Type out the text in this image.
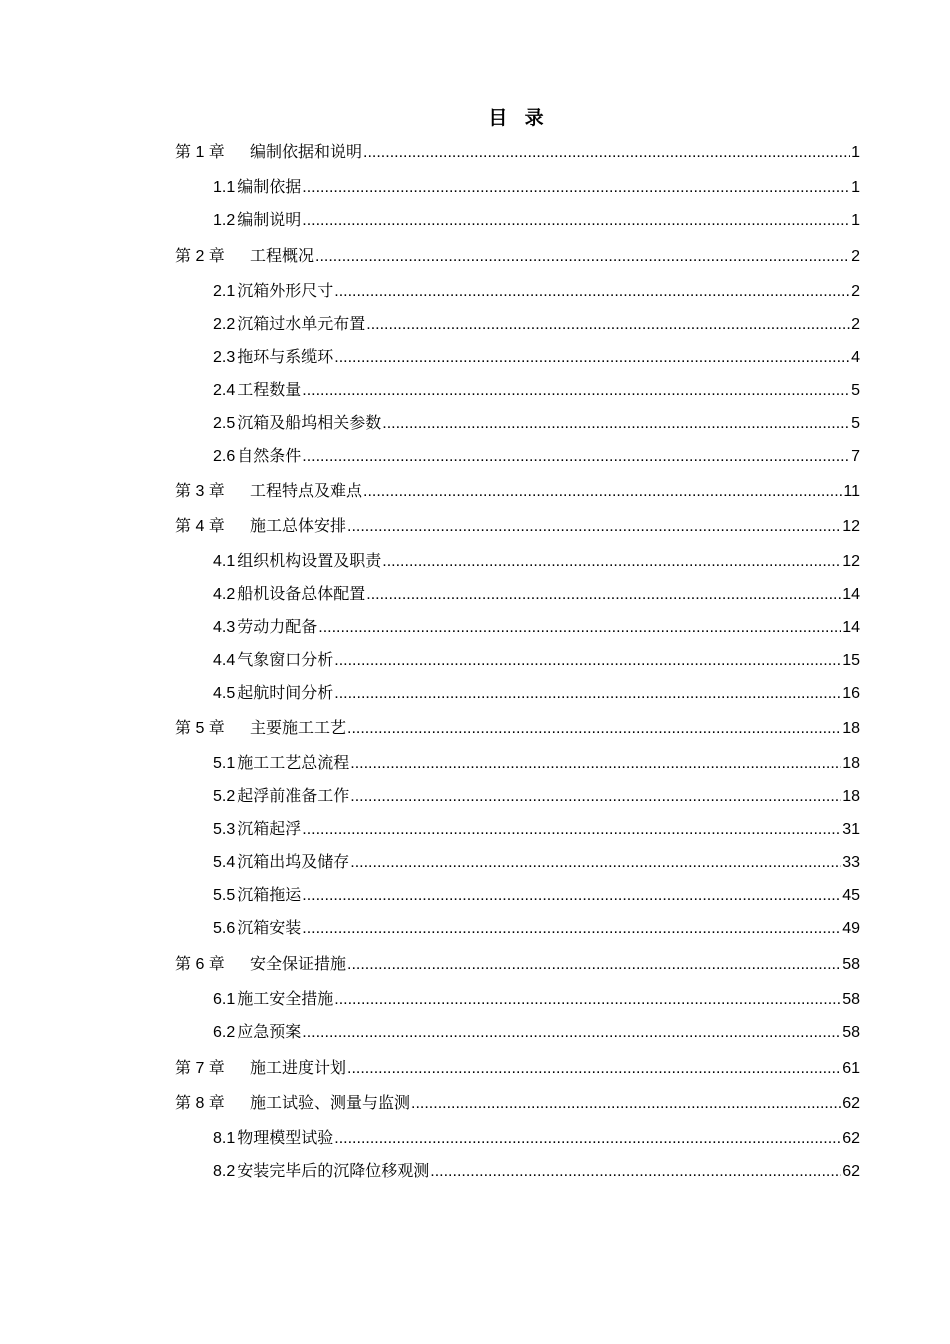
目 录
第 1 章	编制依据和说明 .....	1
1.1 编制依据 .....	1
1.2 编制说明 .....	1
第 2 章	工程概况 .....	2
2.1 沉箱外形尺寸 .....	2
2.2 沉箱过水单元布置 .....	2
2.3 拖环与系缆环 .....	4
2.4 工程数量 .....	5
2.5 沉箱及船坞相关参数 .....	5
2.6 自然条件 .....	7
第 3 章	工程特点及难点 .....	11
第 4 章	施工总体安排 .....	12
4.1 组织机构设置及职责 .....	12
4.2 船机设备总体配置 .....	14
4.3 劳动力配备 .....	14
4.4 气象窗口分析 .....	15
4.5 起航时间分析 .....	16
第 5 章	主要施工工艺 .....	18
5.1 施工工艺总流程 .....	18
5.2 起浮前准备工作 .....	18
5.3 沉箱起浮 .....	31
5.4 沉箱出坞及储存 .....	33
5.5 沉箱拖运 .....	45
5.6 沉箱安装 .....	49
第 6 章	安全保证措施 .....	58
6.1 施工安全措施 .....	58
6.2 应急预案 .....	58
第 7 章	施工进度计划 .....	61
第 8 章	施工试验、测量与监测 .....	62
8.1 物理模型试验 .....	62
8.2 安装完毕后的沉降位移观测 .....	62
